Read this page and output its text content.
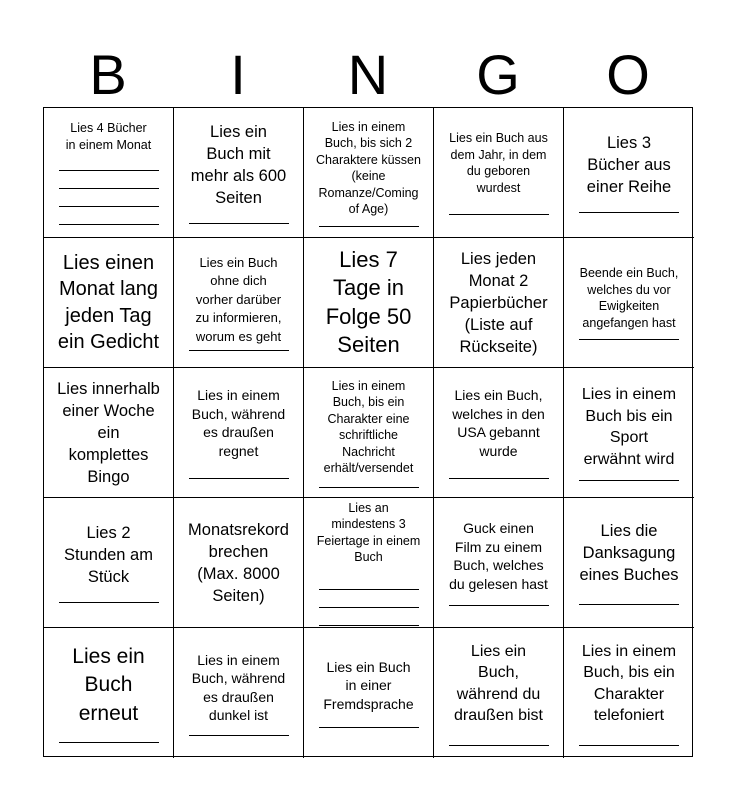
B	I	N	G	O
Lies 4 Bücher
in einem Monat
Lies ein
Buch mit
mehr als 600
Seiten
Lies in einem
Buch, bis sich 2
Charaktere küssen
(keine
Romanze/Coming
of Age)
Lies ein Buch aus
dem Jahr, in dem
du geboren
wurdest
Lies 3
Bücher aus
einer Reihe
Lies einen
Monat lang
jeden Tag
ein Gedicht
Lies ein Buch
ohne dich
vorher darüber
zu informieren,
worum es geht
Lies 7
Tage in
Folge 50
Seiten
Lies jeden
Monat 2
Papierbücher
(Liste auf
Rückseite)
Beende ein Buch,
welches du vor
Ewigkeiten
angefangen hast
Lies innerhalb
einer Woche
ein
komplettes
Bingo
Lies in einem
Buch, während
es draußen
regnet
Lies in einem
Buch, bis ein
Charakter eine
schriftliche
Nachricht
erhält/versendet
Lies ein Buch,
welches in den
USA gebannt
wurde
Lies in einem
Buch bis ein
Sport
erwähnt wird
Lies 2
Stunden am
Stück
Monatsrekord
brechen
(Max. 8000
Seiten)
Lies an
mindestens 3
Feiertage in einem
Buch
Guck einen
Film zu einem
Buch, welches
du gelesen hast
Lies die
Danksagung
eines Buches
Lies ein
Buch
erneut
Lies in einem
Buch, während
es draußen
dunkel ist
Lies ein Buch
in einer
Fremdsprache
Lies ein
Buch,
während du
draußen bist
Lies in einem
Buch, bis ein
Charakter
telefoniert
